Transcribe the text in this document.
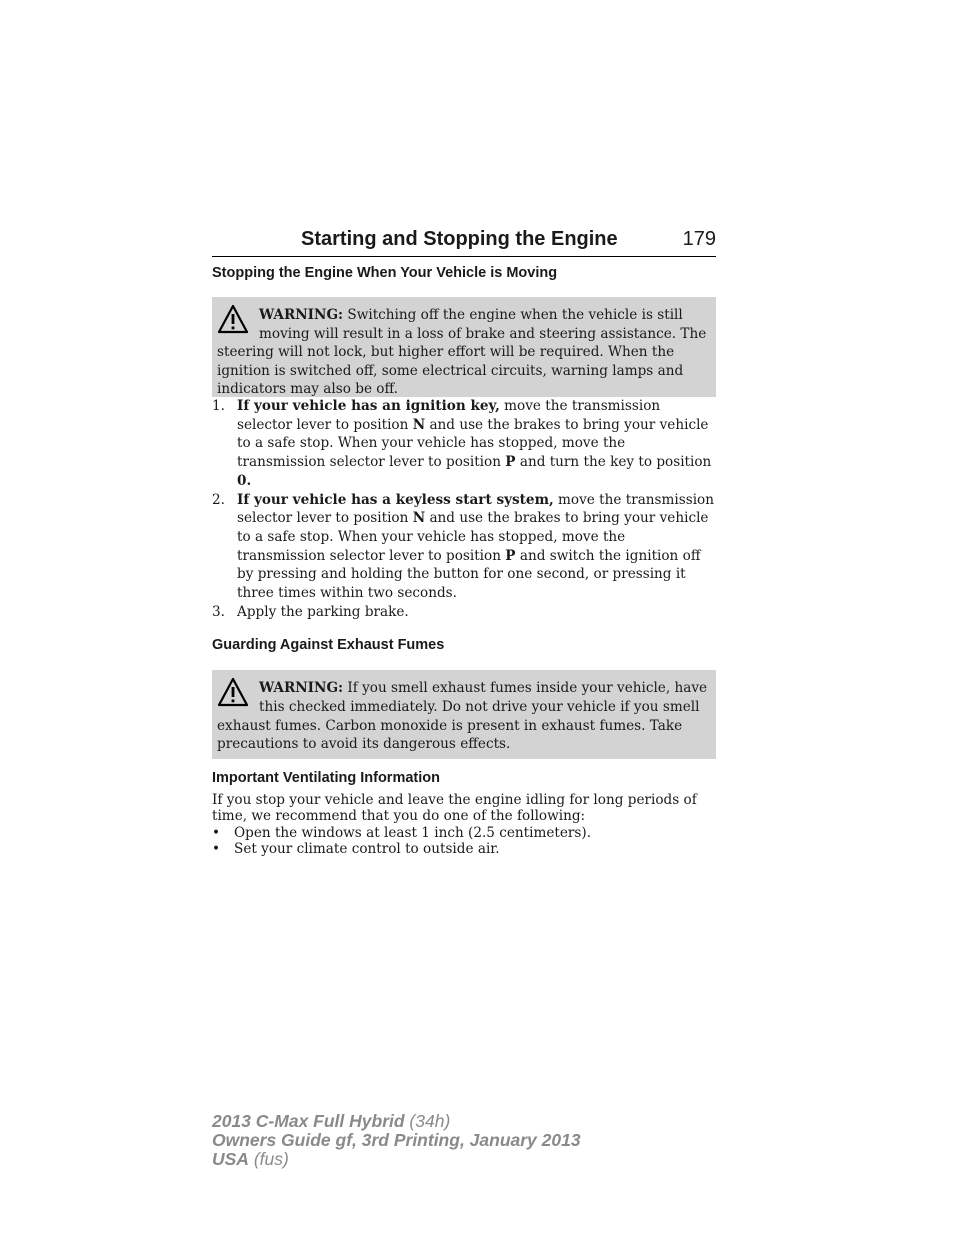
Starting and Stopping the Engine	179
Stopping the Engine When Your Vehicle is Moving
WARNING: Switching off the engine when the vehicle is still moving will result in a loss of brake and steering assistance. The steering will not lock, but higher effort will be required. When the ignition is switched off, some electrical circuits, warning lamps and indicators may also be off.
1. If your vehicle has an ignition key, move the transmission selector lever to position N and use the brakes to bring your vehicle to a safe stop. When your vehicle has stopped, move the transmission selector lever to position P and turn the key to position 0.
2. If your vehicle has a keyless start system, move the transmission selector lever to position N and use the brakes to bring your vehicle to a safe stop. When your vehicle has stopped, move the transmission selector lever to position P and switch the ignition off by pressing and holding the button for one second, or pressing it three times within two seconds.
3. Apply the parking brake.
Guarding Against Exhaust Fumes
WARNING: If you smell exhaust fumes inside your vehicle, have this checked immediately. Do not drive your vehicle if you smell exhaust fumes. Carbon monoxide is present in exhaust fumes. Take precautions to avoid its dangerous effects.
Important Ventilating Information
If you stop your vehicle and leave the engine idling for long periods of time, we recommend that you do one of the following:
•	Open the windows at least 1 inch (2.5 centimeters).
•	Set your climate control to outside air.
2013 C-Max Full Hybrid (34h)
Owners Guide gf, 3rd Printing, January 2013
USA (fus)
